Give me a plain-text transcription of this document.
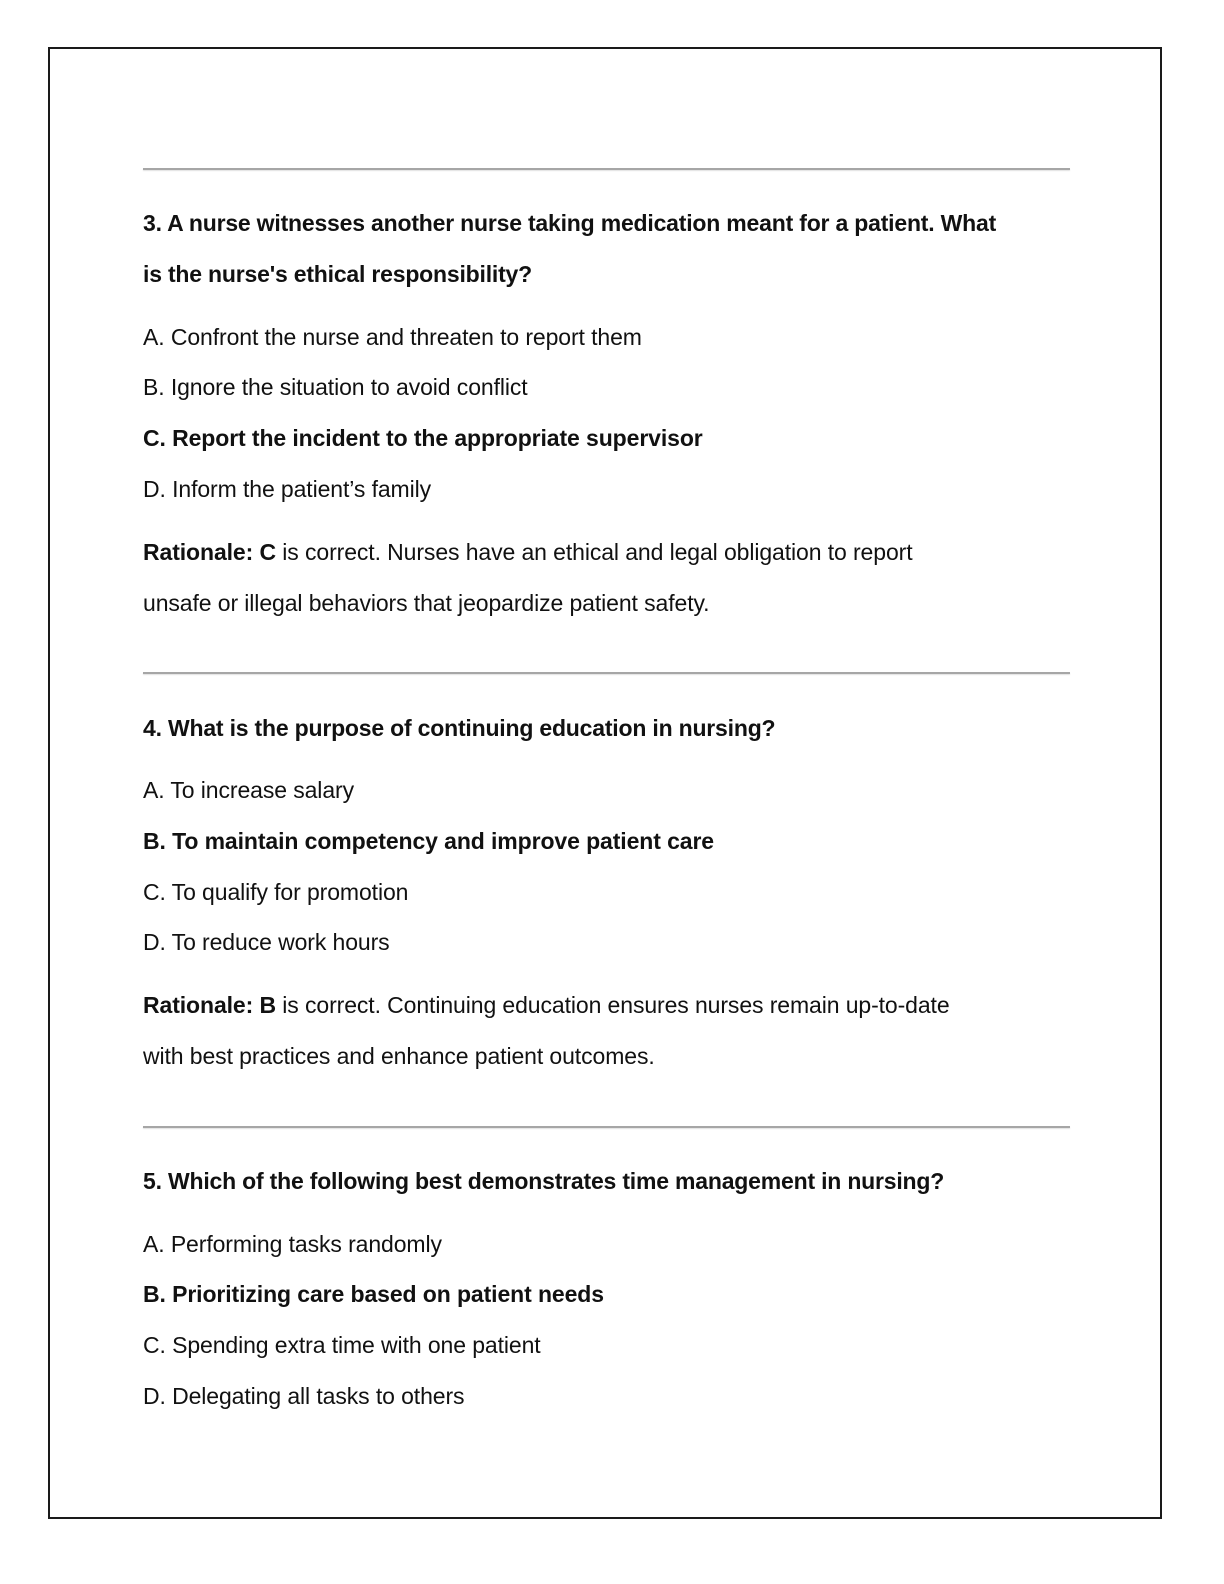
3. A nurse witnesses another nurse taking medication meant for a patient. What
is the nurse's ethical responsibility?
A. Confront the nurse and threaten to report them
B. Ignore the situation to avoid conflict
C. Report the incident to the appropriate supervisor
D. Inform the patient’s family
Rationale: C is correct. Nurses have an ethical and legal obligation to report
unsafe or illegal behaviors that jeopardize patient safety.
4. What is the purpose of continuing education in nursing?
A. To increase salary
B. To maintain competency and improve patient care
C. To qualify for promotion
D. To reduce work hours
Rationale: B is correct. Continuing education ensures nurses remain up-to-date
with best practices and enhance patient outcomes.
5. Which of the following best demonstrates time management in nursing?
A. Performing tasks randomly
B. Prioritizing care based on patient needs
C. Spending extra time with one patient
D. Delegating all tasks to others
